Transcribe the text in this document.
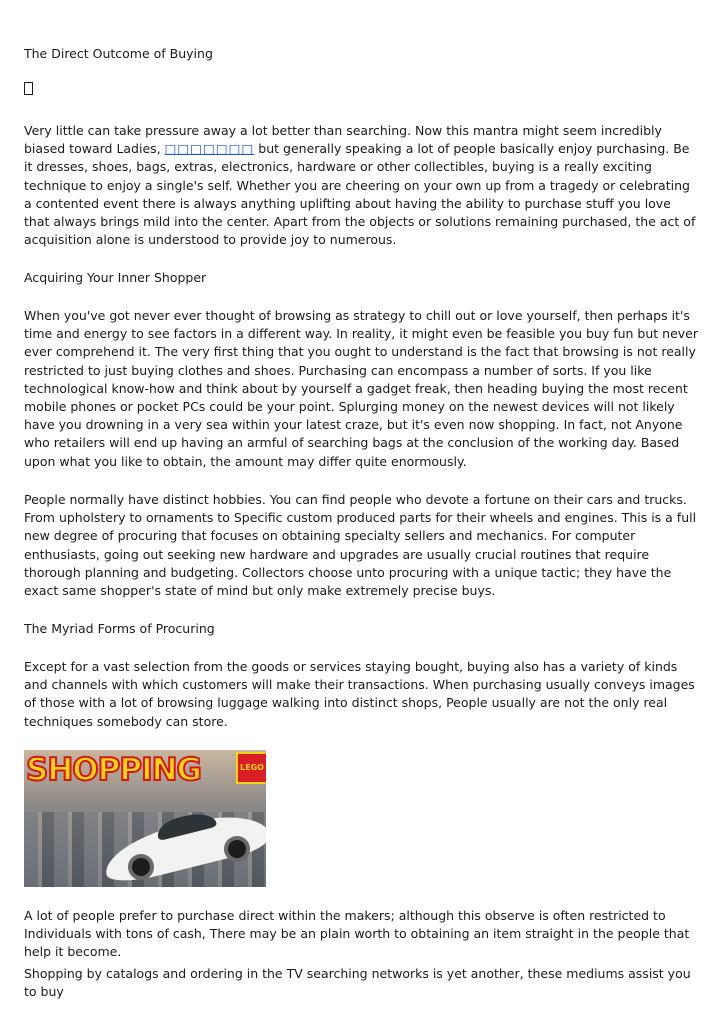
The Direct Outcome of Buying

Very little can take pressure away a lot better than searching. Now this mantra might seem incredibly biased toward Ladies, □□□□□□□ but generally speaking a lot of people basically enjoy purchasing. Be it dresses, shoes, bags, extras, electronics, hardware or other collectibles, buying is a really exciting technique to enjoy a single's self. Whether you are cheering on your own up from a tragedy or celebrating a contented event there is always anything uplifting about having the ability to purchase stuff you love that always brings mild into the center. Apart from the objects or solutions remaining purchased, the act of acquisition alone is understood to provide joy to numerous.

Acquiring Your Inner Shopper

When you've got never ever thought of browsing as strategy to chill out or love yourself, then perhaps it's time and energy to see factors in a different way. In reality, it might even be feasible you buy fun but never ever comprehend it. The very first thing that you ought to understand is the fact that browsing is not really restricted to just buying clothes and shoes. Purchasing can encompass a number of sorts. If you like technological know-how and think about by yourself a gadget freak, then heading buying the most recent mobile phones or pocket PCs could be your point. Splurging money on the newest devices will not likely have you drowning in a very sea within your latest craze, but it's even now shopping. In fact, not Anyone who retailers will end up having an armful of searching bags at the conclusion of the working day. Based upon what you like to obtain, the amount may differ quite enormously.

People normally have distinct hobbies. You can find people who devote a fortune on their cars and trucks. From upholstery to ornaments to Specific custom produced parts for their wheels and engines. This is a full new degree of procuring that focuses on obtaining specialty sellers and mechanics. For computer enthusiasts, going out seeking new hardware and upgrades are usually crucial routines that require thorough planning and budgeting. Collectors choose unto procuring with a unique tactic; they have the exact same shopper's state of mind but only make extremely precise buys.

The Myriad Forms of Procuring

Except for a vast selection from the goods or services staying bought, buying also has a variety of kinds and channels with which customers will make their transactions. When purchasing usually conveys images of those with a lot of browsing luggage walking into distinct shops, People usually are not the only real techniques somebody can store.

SHOPPING	LEGO

A lot of people prefer to purchase direct within the makers; although this observe is often restricted to Individuals with tons of cash, There may be an plain worth to obtaining an item straight in the people that help it become.

Shopping by catalogs and ordering in the TV searching networks is yet another, these mediums assist you to buy
